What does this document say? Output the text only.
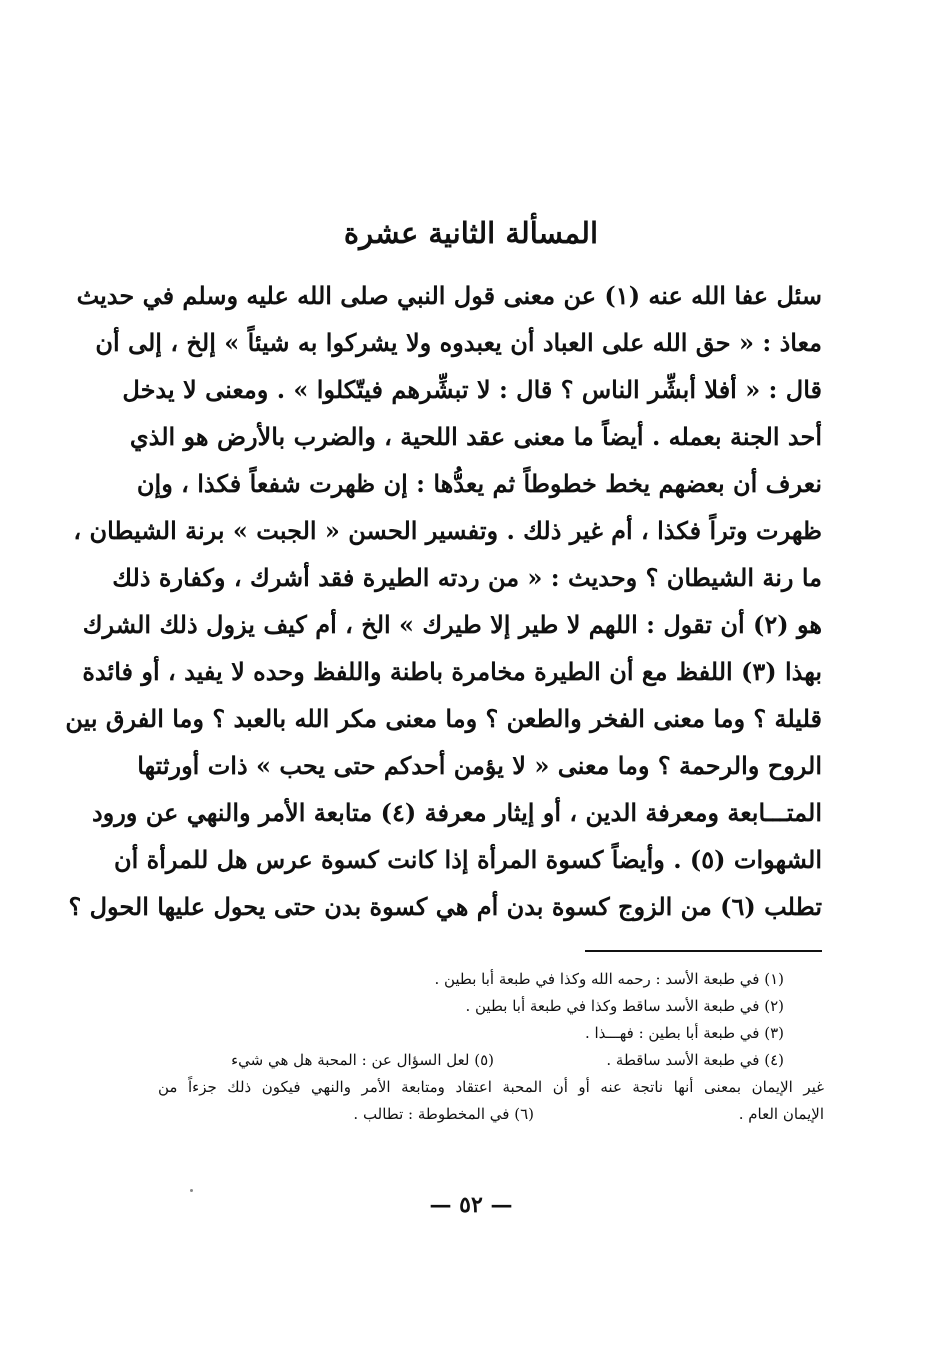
المسألة الثانية عشرة
سئل عفا الله عنه (١) عن معنى قول النبي صلى الله عليه وسلم في حديث
معاذ : « حق الله على العباد أن يعبدوه ولا يشركوا به شيئاً » إلخ ، إلى أن
قال : « أفلا أبشِّر الناس ؟ قال : لا تبشِّرهم فيتّكلوا » . ومعنى لا يدخل
أحد الجنة بعمله . أيضاً ما معنى عقد اللحية ، والضرب بالأرض هو الذي
نعرف أن بعضهم يخط خطوطاً ثم يعدُّها : إن ظهرت شفعاً فكذا ، وإن
ظهرت وتراً فكذا ، أم غير ذلك . وتفسير الحسن « الجبت » برنة الشيطان ،
ما رنة الشيطان ؟ وحديث : « من ردته الطيرة فقد أشرك ، وكفارة ذلك
هو (٢) أن تقول : اللهم لا طير إلا طيرك » الخ ، أم كيف يزول ذلك الشرك
بهذا (٣) اللفظ مع أن الطيرة مخامرة باطنة واللفظ وحده لا يفيد ، أو فائدة
قليلة ؟ وما معنى الفخر والطعن ؟ وما معنى مكر الله بالعبد ؟ وما الفرق بين
الروح والرحمة ؟ وما معنى « لا يؤمن أحدكم حتى يحب » ذات أورثتها
المتـــابعة ومعرفة الدين ، أو إيثار معرفة (٤) متابعة الأمر والنهي عن ورود
الشهوات (٥) . وأيضاً كسوة المرأة إذا كانت كسوة عرس هل للمرأة أن
تطلب (٦) من الزوج كسوة بدن أم هي كسوة بدن حتى يحول عليها الحول ؟
(١) في طبعة الأسد : رحمه الله وكذا في طبعة أبا بطين .
(٢) في طبعة الأسد ساقط وكذا في طبعة أبا بطين .
(٣) في طبعة أبا بطين : فهـــذا .
(٤) في طبعة الأسد ساقطة .
(٥) لعل السؤال عن : المحبة هل هي شيء
غير الإيمان بمعنى أنها ناتجة عنه أو أن المحبة اعتقاد ومتابعة الأمر والنهي فيكون ذلك جزءاً من
الإيمان العام .
(٦) في المخطوطة : تطالب .
— ٥٢ —
